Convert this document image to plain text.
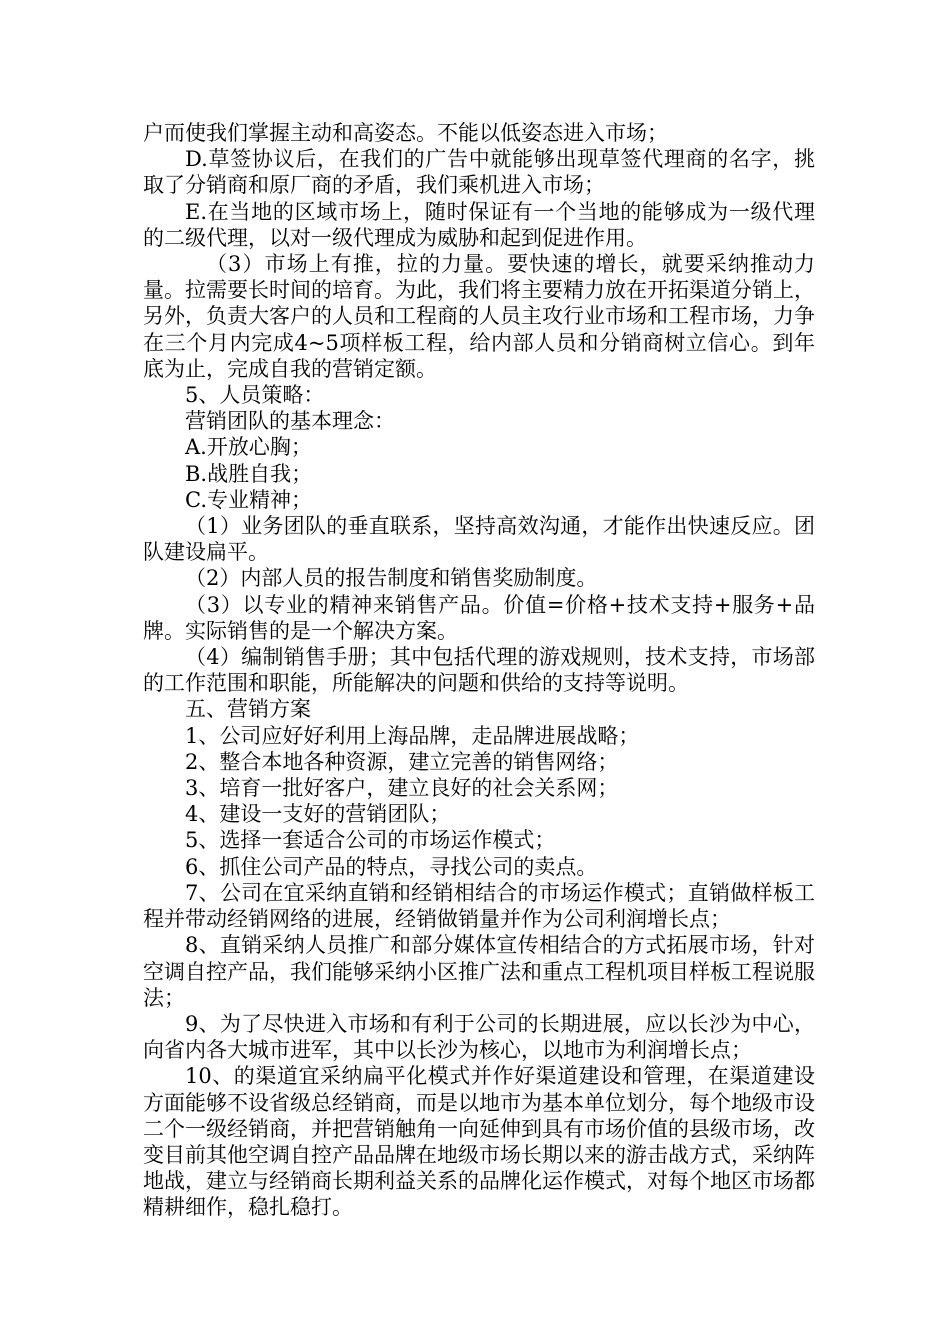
户而使我们掌握主动和高姿态。不能以低姿态进入市场；

D.草签协议后，在我们的广告中就能够出现草签代理商的名字，挑取了分销商和原厂商的矛盾，我们乘机进入市场；

E.在当地的区域市场上，随时保证有一个当地的能够成为一级代理的二级代理，以对一级代理成为威胁和起到促进作用。

（3）市场上有推，拉的力量。要快速的增长，就要采纳推动力量。拉需要长时间的培育。为此，我们将主要精力放在开拓渠道分销上，另外，负责大客户的人员和工程商的人员主攻行业市场和工程市场，力争在三个月内完成4~5项样板工程，给内部人员和分销商树立信心。到年底为止，完成自我的营销定额。

5、人员策略：

营销团队的基本理念：

A.开放心胸；

B.战胜自我；

C.专业精神；

（1）业务团队的垂直联系，坚持高效沟通，才能作出快速反应。团队建设扁平。

（2）内部人员的报告制度和销售奖励制度。

（3）以专业的精神来销售产品。价值=价格+技术支持+服务+品牌。实际销售的是一个解决方案。

（4）编制销售手册；其中包括代理的游戏规则，技术支持，市场部的工作范围和职能，所能解决的问题和供给的支持等说明。

五、营销方案

1、公司应好好利用上海品牌，走品牌进展战略；

2、整合本地各种资源，建立完善的销售网络；

3、培育一批好客户，建立良好的社会关系网；

4、建设一支好的营销团队；

5、选择一套适合公司的市场运作模式；

6、抓住公司产品的特点，寻找公司的卖点。

7、公司在宜采纳直销和经销相结合的市场运作模式；直销做样板工程并带动经销网络的进展，经销做销量并作为公司利润增长点；

8、直销采纳人员推广和部分媒体宣传相结合的方式拓展市场，针对空调自控产品，我们能够采纳小区推广法和重点工程机项目样板工程说服法；

9、为了尽快进入市场和有利于公司的长期进展，应以长沙为中心，向省内各大城市进军，其中以长沙为核心，以地市为利润增长点；

10、的渠道宜采纳扁平化模式并作好渠道建设和管理，在渠道建设方面能够不设省级总经销商，而是以地市为基本单位划分，每个地级市设二个一级经销商，并把营销触角一向延伸到具有市场价值的县级市场，改变目前其他空调自控产品品牌在地级市场长期以来的游击战方式，采纳阵地战，建立与经销商长期利益关系的品牌化运作模式，对每个地区市场都精耕细作，稳扎稳打。
